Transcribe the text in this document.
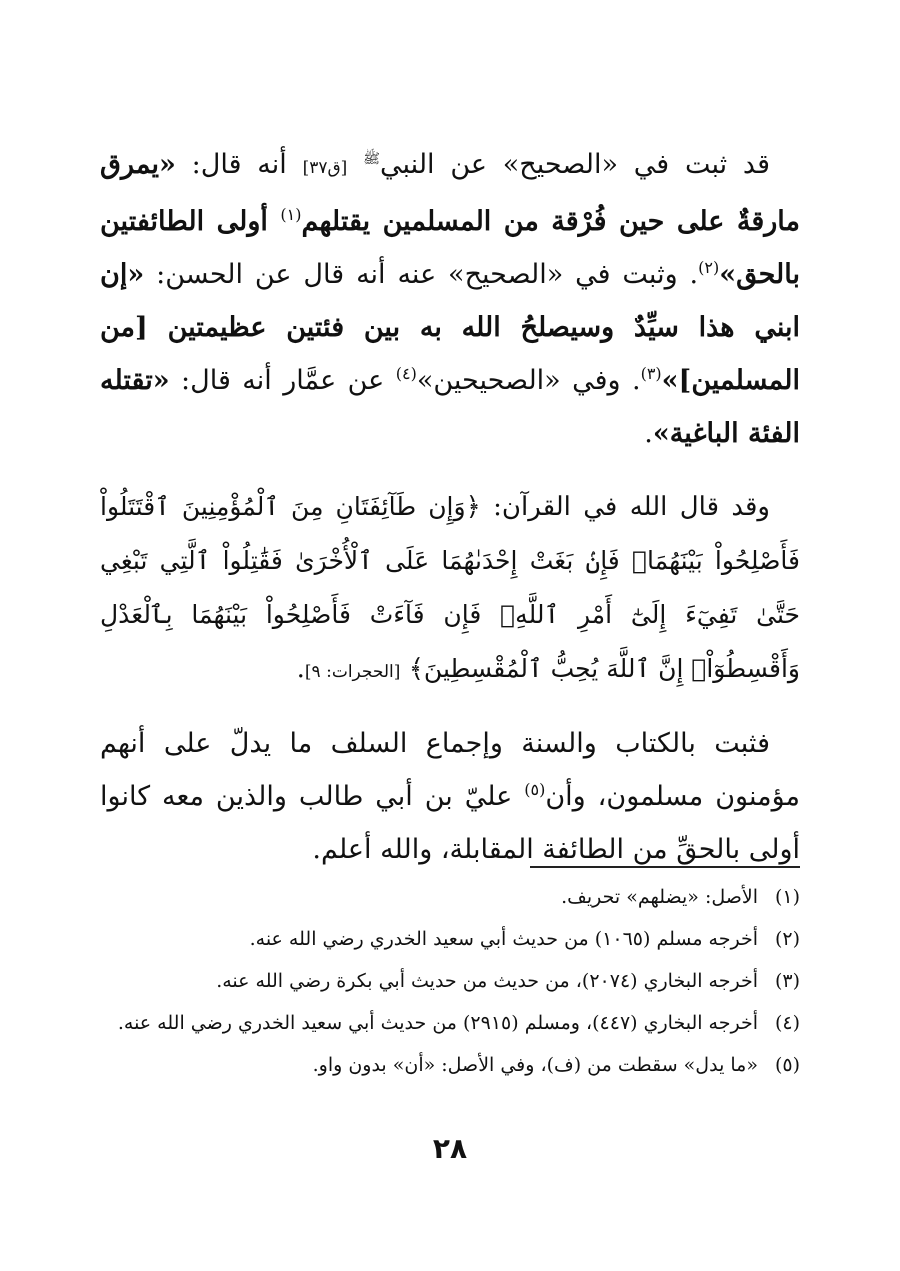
قد ثبت في «الصحيح» عن النبي$^ﷺ$ [ق٣٧] أنه قال: «يمرق مارقةٌ على حين فُرْقة من المسلمين يقتلهم$^{(١)}$ أولى الطائفتين بالحق»$^{(٢)}$. وثبت في «الصحيح» عنه أنه قال عن الحسن: «إن ابني هذا سيِّدٌ وسيصلحُ الله به بين فئتين عظيمتين [من المسلمين]»$^{(٣)}$. وفي «الصحيحين»$^{(٤)}$ عن عمَّار أنه قال: «تقتله الفئة الباغية».

وقد قال الله في القرآن: ﴿وَإِن طَآئِفَتَانِ مِنَ ٱلْمُؤْمِنِينَ ٱقْتَتَلُواْ فَأَصْلِحُواْ بَيْنَهُمَاۖ فَإِنۢ بَغَتْ إِحْدَىٰهُمَا عَلَى ٱلْأُخْرَىٰ فَقَٰتِلُواْ ٱلَّتِي تَبْغِي حَتَّىٰ تَفِيٓءَ إِلَىٰٓ أَمْرِ ٱللَّهِۚ فَإِن فَآءَتْ فَأَصْلِحُواْ بَيْنَهُمَا بِٱلْعَدْلِ وَأَقْسِطُوٓاْۖ إِنَّ ٱللَّهَ يُحِبُّ ٱلْمُقْسِطِينَ﴾ [الحجرات: ٩].

فثبت بالكتاب والسنة وإجماع السلف ما يدلّ على أنهم مؤمنون مسلمون، وأن$^{(٥)}$ عليّ بن أبي طالب والذين معه كانوا أولى بالحقِّ من الطائفة المقابلة، والله أعلم.

(١)
الأصل: «يضلهم» تحريف.
(٢)
أخرجه مسلم (١٠٦٥) من حديث أبي سعيد الخدري رضي الله عنه.
(٣)
أخرجه البخاري (٢٠٧٤)، من حديث من حديث أبي بكرة رضي الله عنه.
(٤)
أخرجه البخاري (٤٤٧)، ومسلم (٢٩١٥) من حديث أبي سعيد الخدري رضي الله عنه.
(٥)
«ما يدل» سقطت من (ف)، وفي الأصل: «أن» بدون واو.
٢٨
